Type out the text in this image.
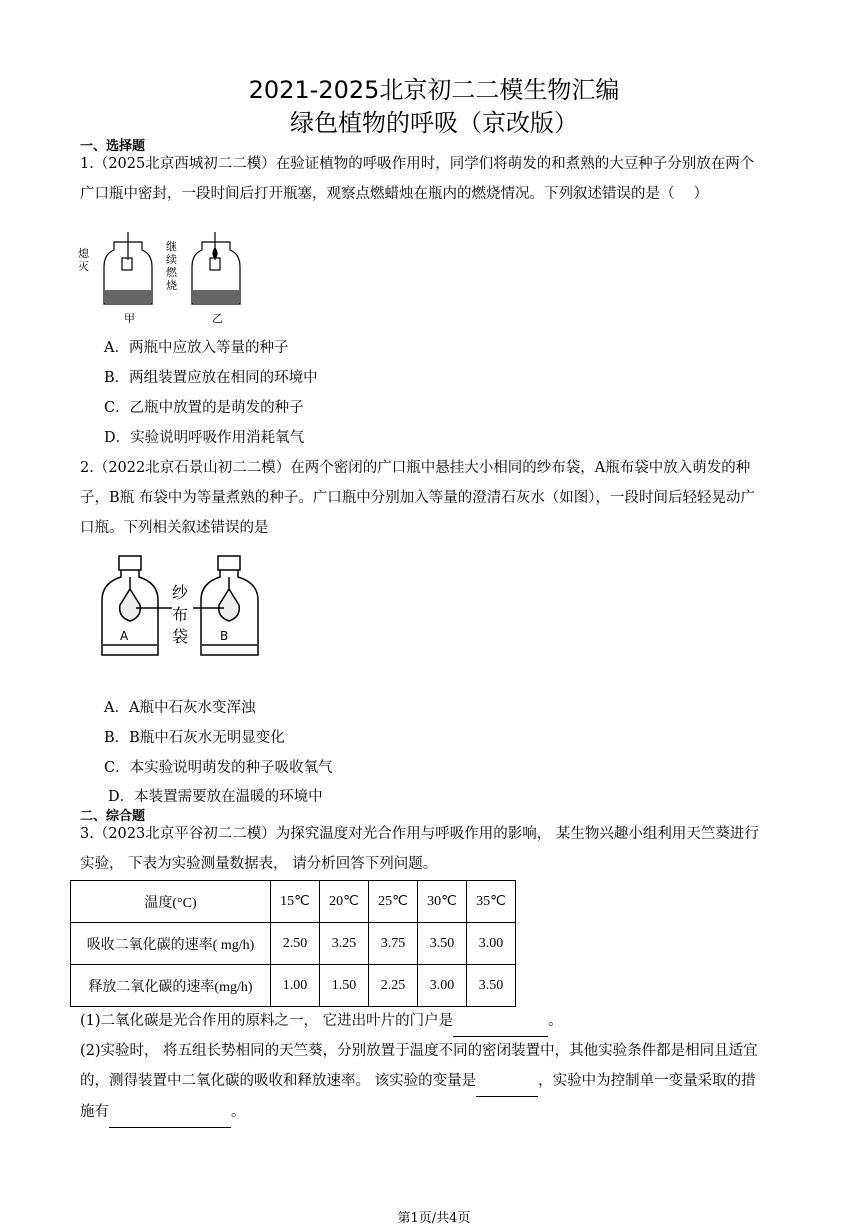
2021-2025北京初二二模生物汇编
绿色植物的呼吸（京改版）
一、选择题
1.（2025北京西城初二二模）在验证植物的呼吸作用时，同学们将萌发的和煮熟的大豆种子分别放在两个
广口瓶中密封，一段时间后打开瓶塞，观察点燃蜡烛在瓶内的燃烧情况。下列叙述错误的是（　 ）
熄灭
继续燃烧
甲	乙
A．两瓶中应放入等量的种子
B．两组装置应放在相同的环境中
C．乙瓶中放置的是萌发的种子
D．实验说明呼吸作用消耗氧气
2.（2022北京石景山初二二模）在两个密闭的广口瓶中悬挂大小相同的纱布袋，A瓶布袋中放入萌发的种
子，B瓶 布袋中为等量煮熟的种子。广口瓶中分别加入等量的澄清石灰水（如图），一段时间后轻轻晃动广
口瓶。下列相关叙述错误的是
纱
布
袋
A	B
A．A瓶中石灰水变浑浊
B．B瓶中石灰水无明显变化
C．本实验说明萌发的种子吸收氧气
D．本装置需要放在温暖的环境中
二、综合题
3.（2023北京平谷初二二模）为探究温度对光合作用与呼吸作用的影响， 某生物兴趣小组利用天竺葵进行
实验， 下表为实验测量数据表， 请分析回答下列问题。
温度(°C)	15℃	20℃	25℃	30℃	35℃
吸收二氧化碳的速率( mg/h)	2.50	3.25	3.75	3.50	3.00
释放二氧化碳的速率(mg/h)	1.00	1.50	2.25	3.00	3.50
(1)二氧化碳是光合作用的原料之一， 它进出叶片的门户是	。
(2)实验时， 将五组长势相同的天竺葵，分别放置于温度不同的密闭装置中，其他实验条件都是相同且适宜
的，测得装置中二氧化碳的吸收和释放速率。 该实验的变量是	，实验中为控制单一变量采取的措
施有	。
第1页/共4页
